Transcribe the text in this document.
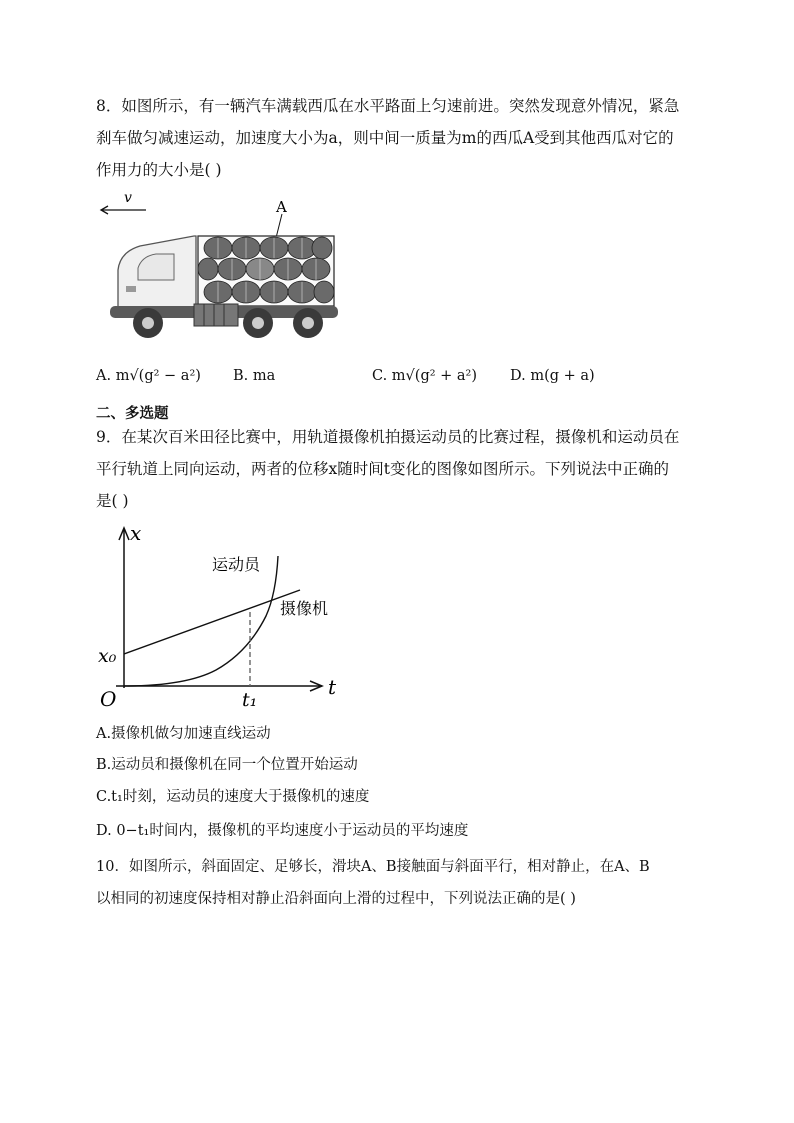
8．如图所示，有一辆汽车满载西瓜在水平路面上匀速前进。突然发现意外情况，紧急
刹车做匀减速运动，加速度大小为a，则中间一质量为m的西瓜A受到其他西瓜对它的
作用力的大小是( )
v	A
A. m√(g² − a²) B. ma	C. m√(g² + a²) D. m(g + a)
二、多选题
9．在某次百米田径比赛中，用轨道摄像机拍摄运动员的比赛过程，摄像机和运动员在
平行轨道上同向运动，两者的位移x随时间t变化的图像如图所示。下列说法中正确的
是( )
x
t
O
x₀
t₁
运动员
摄像机
A.摄像机做匀加速直线运动
B.运动员和摄像机在同一个位置开始运动
C.t₁时刻，运动员的速度大于摄像机的速度
D. 0−t₁时间内，摄像机的平均速度小于运动员的平均速度
10．如图所示，斜面固定、足够长，滑块A、B接触面与斜面平行，相对静止，在A、B
以相同的初速度保持相对静止沿斜面向上滑的过程中，下列说法正确的是( )
